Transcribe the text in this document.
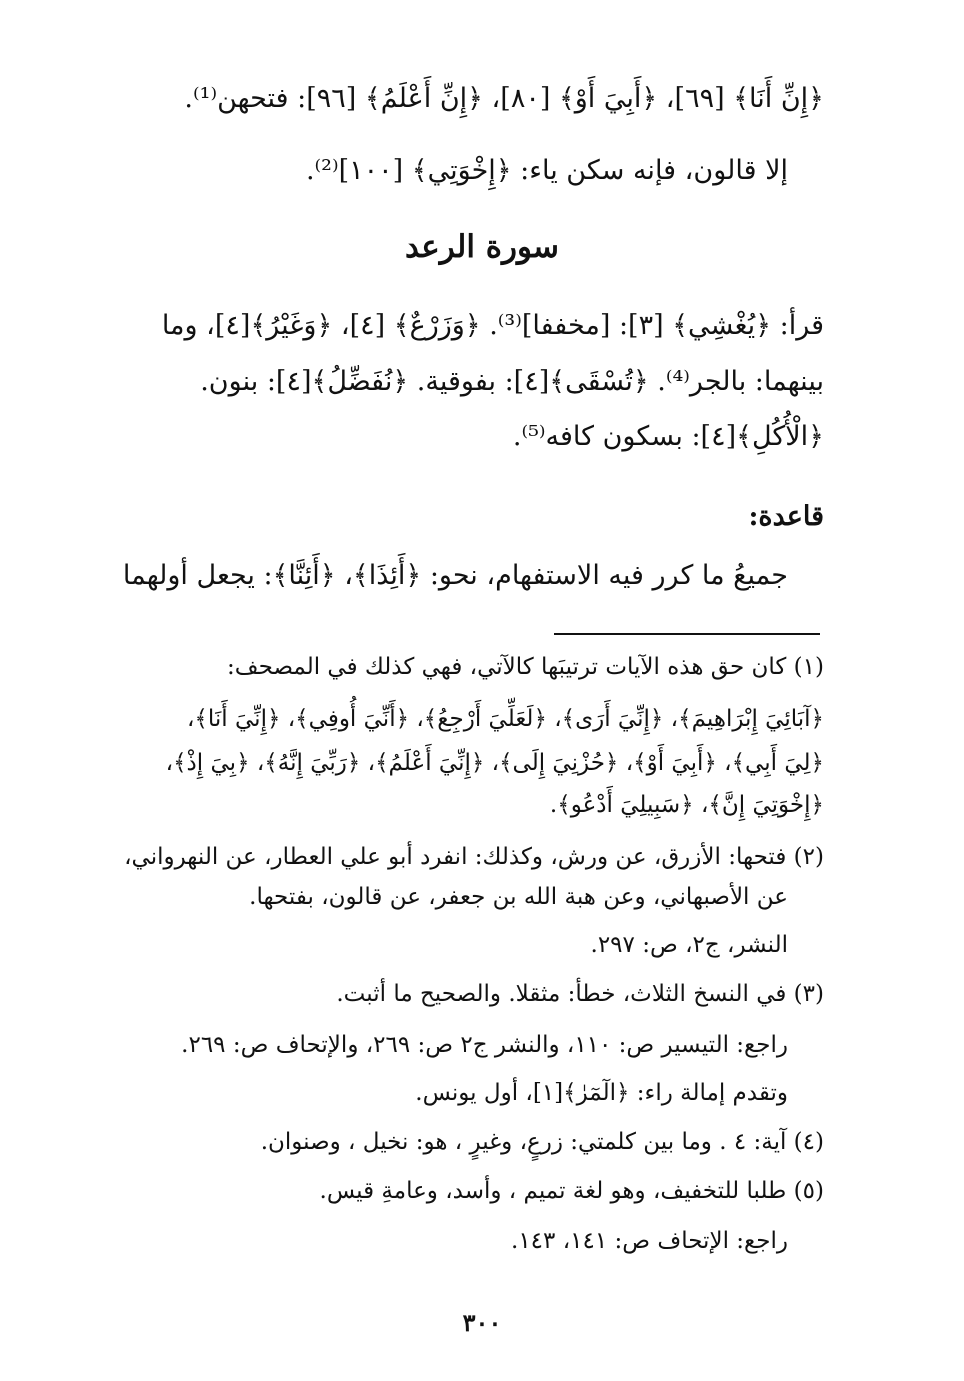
﴿إِنِّ أَنَا﴾ [٦٩]، ﴿أَبِيَ أَوْ﴾ [٨٠]، ﴿إِنِّ أَعْلَمُ﴾ [٩٦]: فتحهن⁽¹⁾.
إلا قالون، فإنه سكن ياء: ﴿إِخْوَتِي﴾ [١٠٠]⁽²⁾.
سورة الرعد
قرأ: ﴿يُغْشِي﴾ [٣]: [مخففا]⁽³⁾. ﴿وَزَرْعٌ﴾ [٤]، ﴿وَغَيْرُ﴾[٤]، وما
بينهما: بالجر⁽⁴⁾. ﴿تُسْقَى﴾[٤]: بفوقية. ﴿نُفَضِّلُ﴾[٤]: بنون.
﴿الْأُكُلِ﴾[٤]: بسكون كافه⁽⁵⁾.
قاعدة:
جميعُ ما كرر فيه الاستفهام، نحو: ﴿أَئِذَا﴾، ﴿أَئِنَّا﴾: يجعل أولهما
(١) كان حق هذه الآيات ترتيبَها كالآتي، فهي كذلك في المصحف:
﴿آبَائِيَ إِبْرَاهِيمَ﴾، ﴿إِنِّيَ أَرَى﴾، ﴿لَعَلِّيَ أَرْجِعُ﴾، ﴿أَنِّيَ أُوفِي﴾، ﴿إِنِّيَ أَنَا﴾،
﴿لِيَ أَبِي﴾، ﴿أَبِيَ أَوْ﴾، ﴿حُزْنِيَ إِلَى﴾، ﴿إِنِّيَ أَعْلَمُ﴾، ﴿رَبِّيَ إِنَّهُ﴾، ﴿بِيَ إِذْ﴾،
﴿إِخْوَتِيَ إِنَّ﴾، ﴿سَبِيلِيَ أَدْعُو﴾.
(٢) فتحها: الأزرق، عن ورش، وكذلك: انفرد أبو علي العطار، عن النهرواني،
عن الأصبهاني، وعن هبة الله بن جعفر، عن قالون، بفتحها.
النشر، ج٢، ص: ٢٩٧.
(٣) في النسخ الثلاث، خطأ: مثقلا. والصحيح ما أثبت.
راجع: التيسير ص: ١١٠، والنشر ج٢ ص: ٢٦٩، والإتحاف ص: ٢٦٩.
وتقدم إمالة راء: ﴿الٓمٓرٰ﴾[١]، أول يونس.
(٤) آية: ٤ . وما بين كلمتي: زرعٍ، وغيرٍ ، هو: نخيل ، وصنوان.
(٥) طلبا للتخفيف، وهو لغة تميم ، وأسد، وعامةِ قيس.
راجع: الإتحاف ص: ١٤١، ١٤٣.
٣٠٠
